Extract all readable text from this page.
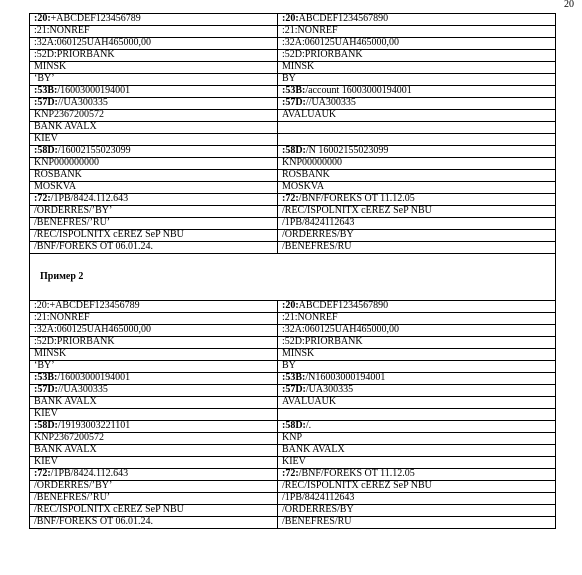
20
:20:+ABCDEF123456789	:20:ABCDEF1234567890
:21:NONREF	:21:NONREF
:32A:060125UAH465000,00	:32A:060125UAH465000,00
:52D:PRIORBANK	:52D:PRIORBANK
MINSK	MINSK
‘BY’	BY
:53B:/16003000194001	:53B:/account 16003000194001
:57D://UA300335	:57D://UA300335
KNP2367200572	AVALUAUK
BANK AVALX	
KIEV	
:58D:/16002155023099	:58D:/N 16002155023099
KNP000000000	KNP00000000
ROSBANK	ROSBANK
MOSKVA	MOSKVA
:72:/1PB/8424.112.643	:72:/BNF/FOREKS OT 11.12.05
/ORDERRES/’BY’	/REC/ISPOLNITX cEREZ SeP NBU
/BENEFRES/’RU’	/1PB/8424112643
/REC/ISPOLNITX cEREZ SeP NBU	/ORDERRES/BY
/BNF/FOREKS OT 06.01.24.	/BENEFRES/RU
Пример 2	
:20:+ABCDEF123456789	:20:ABCDEF1234567890
:21:NONREF	:21:NONREF
:32A:060125UAH465000,00	:32A:060125UAH465000,00
:52D:PRIORBANK	:52D:PRIORBANK
MINSK	MINSK
‘BY’	BY
:53B:/16003000194001	:53B:/N16003000194001
:57D://UA300335	:57D:/UA300335
BANK AVALX	AVALUAUK
KIEV	
:58D:/19193003221101	:58D:/.
KNP2367200572	KNP
BANK AVALX	BANK AVALX
KIEV	KIEV
:72:/1PB/8424.112.643	:72:/BNF/FOREKS OT 11.12.05
/ORDERRES/’BY’	/REC/ISPOLNITX cEREZ SeP NBU
/BENEFRES/’RU’	/1PB/8424112643
/REC/ISPOLNITX cEREZ SeP NBU	/ORDERRES/BY
/BNF/FOREKS OT 06.01.24.	/BENEFRES/RU
